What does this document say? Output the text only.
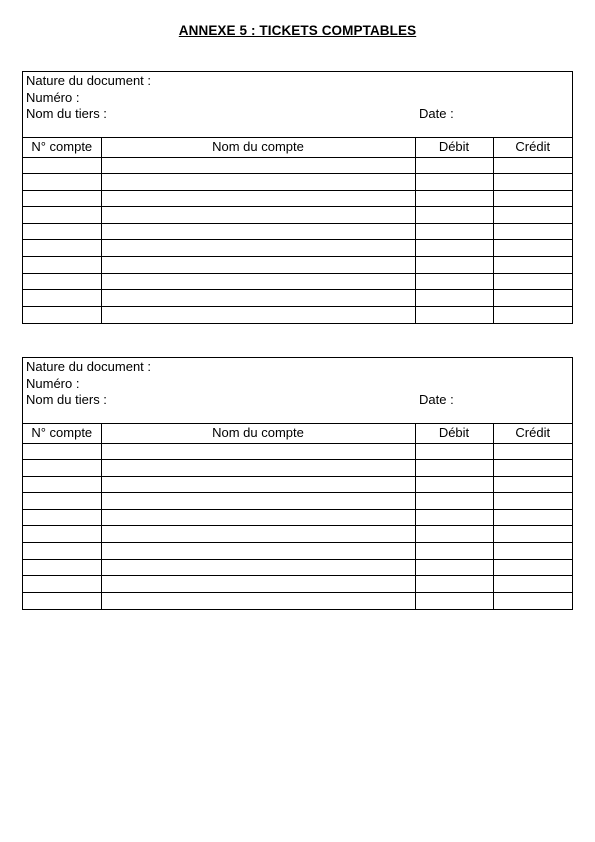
ANNEXE 5 : TICKETS COMPTABLES
Nature du document :
Numéro :
Nom du tiers :	Date :
N° compte	Nom du compte	Débit	Crédit

Nature du document :
Numéro :
Nom du tiers :	Date :
N° compte	Nom du compte	Débit	Crédit
